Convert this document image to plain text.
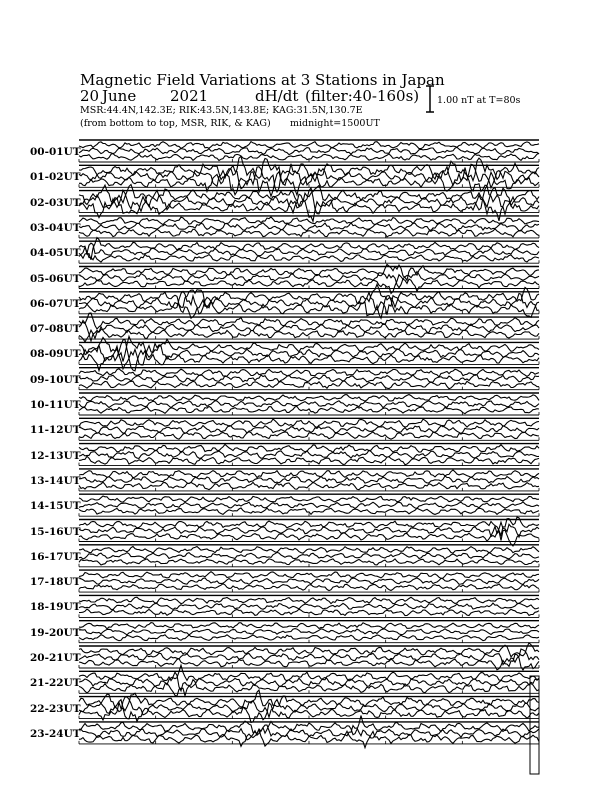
Magnetic Field Variations at 3 Stations in Japan
20 June 2021	dH/dt (filter:40-160s)
MSR:44.4N,142.3E; RIK:43.5N,143.8E; KAG:31.5N,130.7E
(from bottom to top, MSR, RIK, & KAG) midnight=1500UT
1.00 nT at T=80s
00-01UT
01-02UT
02-03UT
03-04UT
04-05UT
05-06UT
06-07UT
07-08UT
08-09UT
09-10UT
10-11UT
11-12UT
12-13UT
13-14UT
14-15UT
15-16UT
16-17UT
17-18UT
18-19UT
19-20UT
20-21UT
21-22UT
22-23UT
23-24UT
